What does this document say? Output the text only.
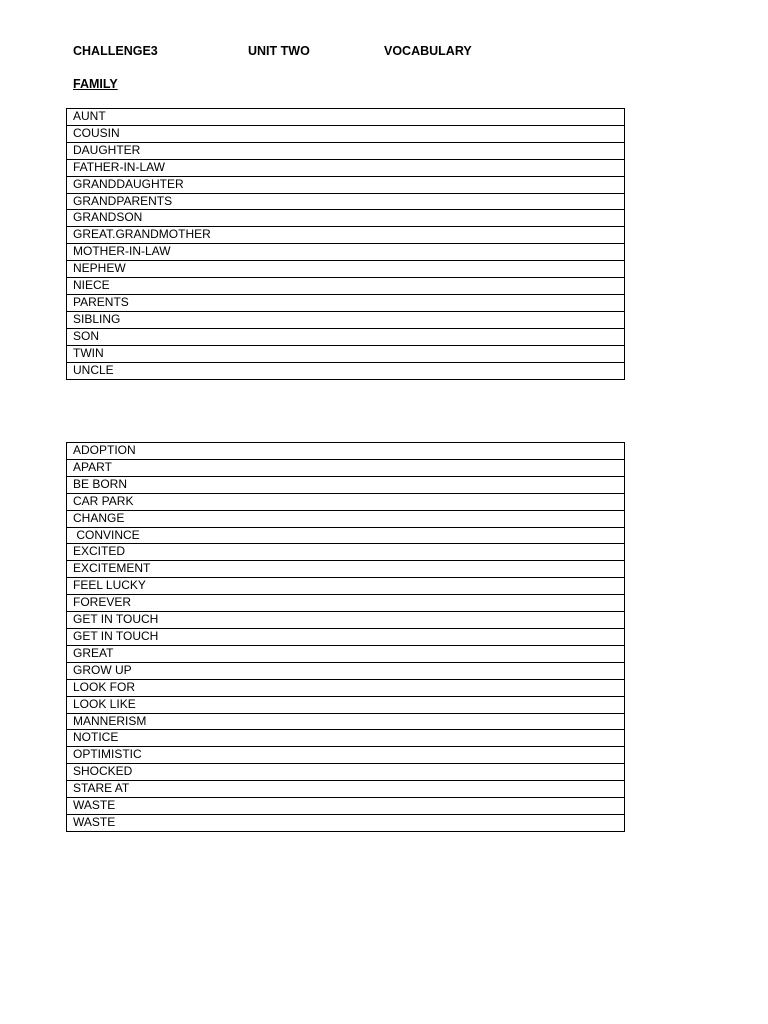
CHALLENGE3	UNIT TWO	VOCABULARY
FAMILY
AUNT
COUSIN
DAUGHTER
FATHER-IN-LAW
GRANDDAUGHTER
GRANDPARENTS
GRANDSON
GREAT.GRANDMOTHER
MOTHER-IN-LAW
NEPHEW
NIECE
PARENTS
SIBLING
SON
TWIN
UNCLE
ADOPTION
APART
BE BORN
CAR PARK
CHANGE
CONVINCE
EXCITED
EXCITEMENT
FEEL LUCKY
FOREVER
GET IN TOUCH
GET IN TOUCH
GREAT
GROW UP
LOOK FOR
LOOK LIKE
MANNERISM
NOTICE
OPTIMISTIC
SHOCKED
STARE AT
WASTE
WASTE
